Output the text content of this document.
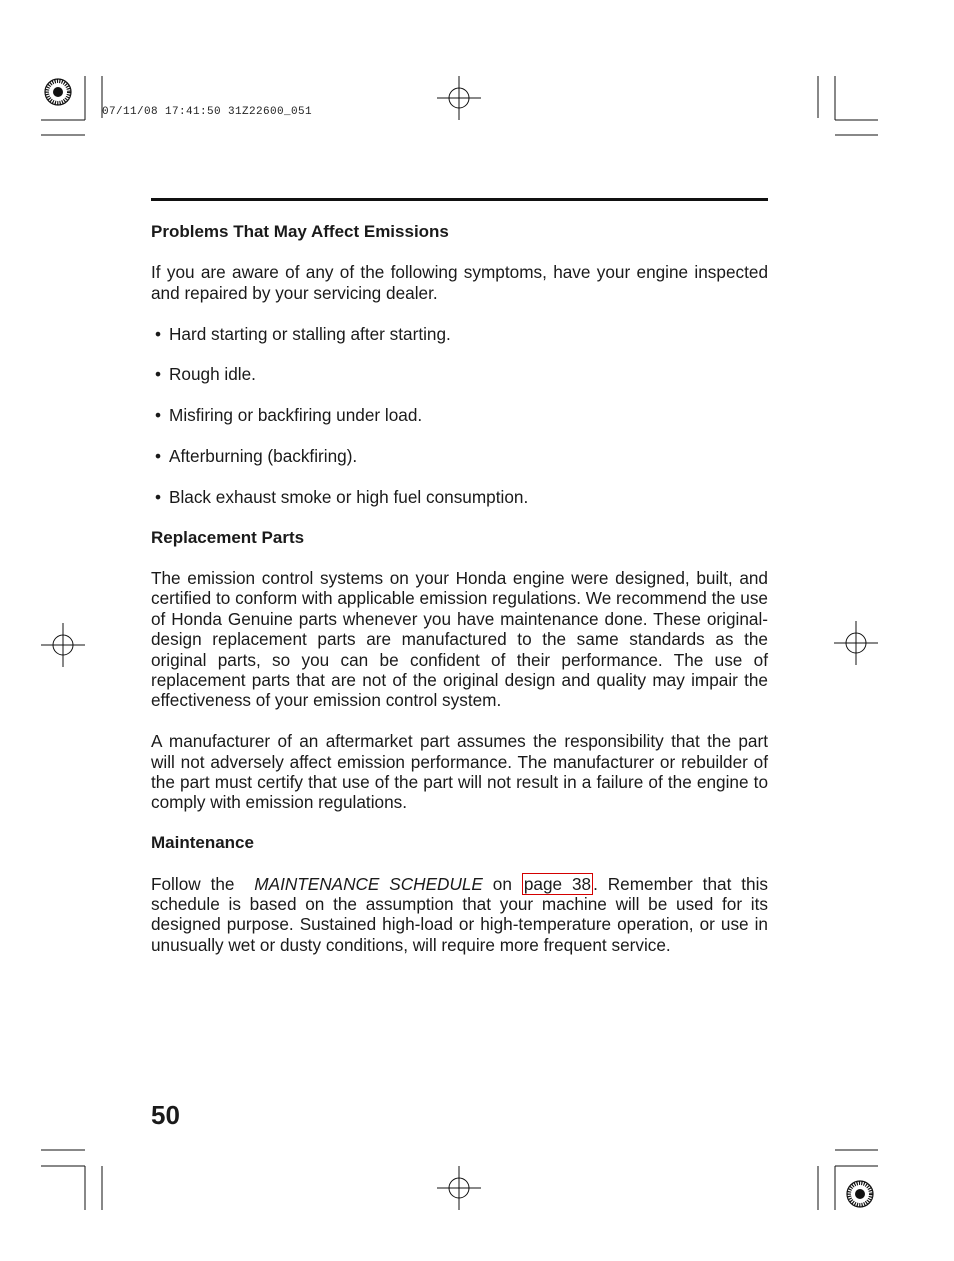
07/11/08 17:41:50 31Z22600_051
Problems That May Affect Emissions

If you are aware of any of the following symptoms, have your engine inspected and repaired by your servicing dealer.

• Hard starting or stalling after starting.

• Rough idle.

• Misfiring or backfiring under load.

• Afterburning (backfiring).

• Black exhaust smoke or high fuel consumption.

Replacement Parts

The emission control systems on your Honda engine were designed, built, and certified to conform with applicable emission regulations. We recommend the use of Honda Genuine parts whenever you have maintenance done. These original-design replacement parts are manufactured to the same standards as the original parts, so you can be confident of their performance. The use of replacement parts that are not of the original design and quality may impair the effectiveness of your emission control system.

A manufacturer of an aftermarket part assumes the responsibility that the part will not adversely affect emission performance. The manufacturer or rebuilder of the part must certify that use of the part will not result in a failure of the engine to comply with emission regulations.

Maintenance

Follow the MAINTENANCE SCHEDULE on page 38 . Remember that this schedule is based on the assumption that your machine will be used for its designed purpose. Sustained high-load or high-temperature operation, or use in unusually wet or dusty conditions, will require more frequent service.

50
